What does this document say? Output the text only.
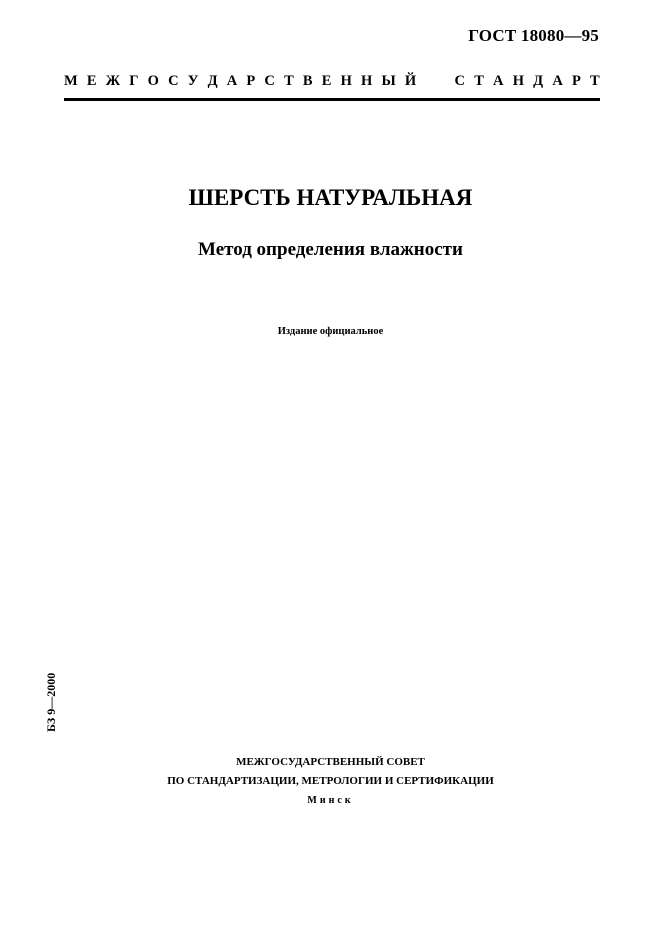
ГОСТ 18080—95
М Е Ж Г О С У Д А Р С Т В Е Н Н Ы Й	С Т А Н Д А Р Т
ШЕРСТЬ НАТУРАЛЬНАЯ
Метод определения влажности
Издание официальное
БЗ 9—2000
МЕЖГОСУДАРСТВЕННЫЙ СОВЕТ
ПО СТАНДАРТИЗАЦИИ, МЕТРОЛОГИИ И СЕРТИФИКАЦИИ
Минск
